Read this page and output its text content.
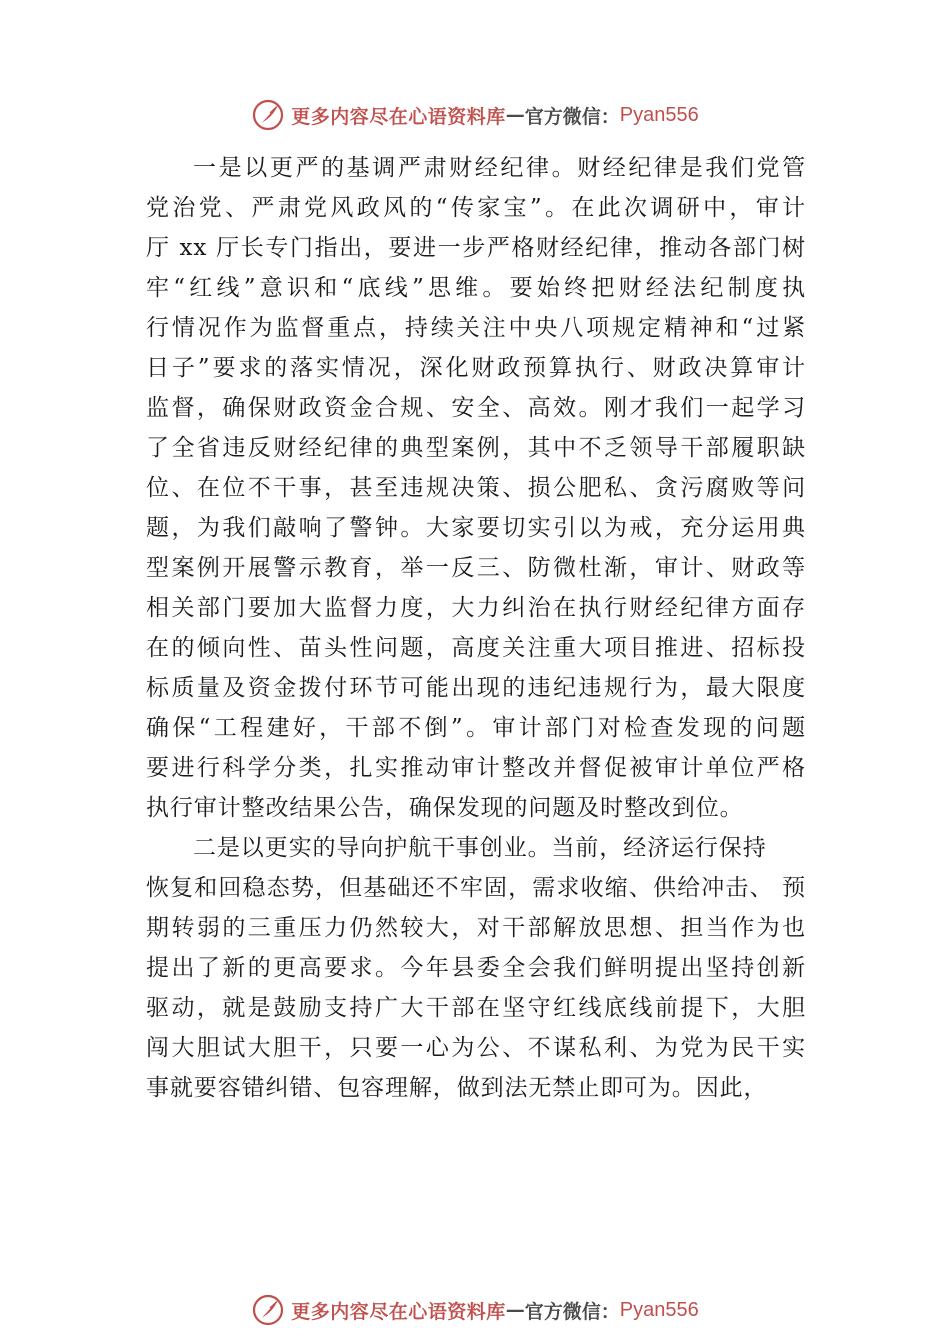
更多内容尽在心语资料库 — 官方微信： Pyan556
一是以更严的基调严肃财经纪律。财经纪律是我们党管
党治党、严肃党风政风的“传家宝”。在此次调研中，审计
厅 xx 厅长专门指出，要进一步严格财经纪律，推动各部门树
牢“红线”意识和“底线”思维。要始终把财经法纪制度执
行情况作为监督重点，持续关注中央八项规定精神和“过紧
日子”要求的落实情况，深化财政预算执行、财政决算审计
监督，确保财政资金合规、安全、高效。刚才我们一起学习
了全省违反财经纪律的典型案例，其中不乏领导干部履职缺
位、在位不干事，甚至违规决策、损公肥私、贪污腐败等问
题，为我们敲响了警钟。大家要切实引以为戒，充分运用典
型案例开展警示教育，举一反三、防微杜渐，审计、财政等
相关部门要加大监督力度，大力纠治在执行财经纪律方面存
在的倾向性、苗头性问题，高度关注重大项目推进、招标投
标质量及资金拨付环节可能出现的违纪违规行为，最大限度
确保“工程建好，干部不倒”。审计部门对检查发现的问题
要进行科学分类，扎实推动审计整改并督促被审计单位严格
执行审计整改结果公告，确保发现的问题及时整改到位。
二是以更实的导向护航干事创业。当前，经济运行保持
恢复和回稳态势，但基础还不牢固，需求收缩、供给冲击、 预
期转弱的三重压力仍然较大，对干部解放思想、担当作为也
提出了新的更高要求。今年县委全会我们鲜明提出坚持创新
驱动，就是鼓励支持广大干部在坚守红线底线前提下，大胆
闯大胆试大胆干，只要一心为公、不谋私利、为党为民干实
事就要容错纠错、包容理解，做到法无禁止即可为。因此，
更多内容尽在心语资料库 — 官方微信： Pyan556
